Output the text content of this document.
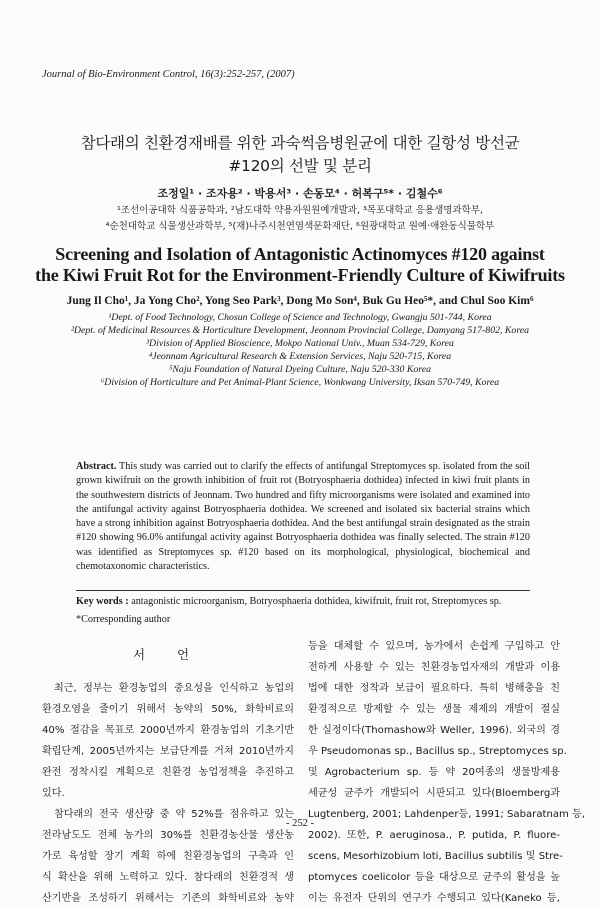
Journal of Bio-Environment Control, 16(3):252-257, (2007)
참다래의 친환경재배를 위한 과숙썩음병원균에 대한 길항성 방선균
#120의 선발 및 분리
조정일¹ · 조자용² · 박용서³ · 손동모⁴ · 허복구⁵* · 김철수⁶
¹조선이공대학 식품공학과, ²남도대학 약용자원원예개발과, ³목포대학교 응용생명과학부,
⁴순천대학교 식물생산과학부, ⁵(재)나주시천연염색문화재단, ⁶원광대학교 원예·애완동식물학부
Screening and Isolation of Antagonistic Actinomyces #120 against
the Kiwi Fruit Rot for the Environment-Friendly Culture of Kiwifruits
Jung Il Cho¹, Ja Yong Cho², Yong Seo Park³, Dong Mo Son⁴, Buk Gu Heo⁵*, and Chul Soo Kim⁶
¹Dept. of Food Technology, Chosun College of Science and Technology, Gwangju 501-744, Korea
²Dept. of Medicinal Resources & Horticulture Development, Jeonnam Provincial College, Damyang 517-802, Korea
³Division of Applied Bioscience, Mokpo National Univ., Muan 534-729, Korea
⁴Jeonnam Agricultural Research & Extension Services, Naju 520-715, Korea
⁵Naju Foundation of Natural Dyeing Culture, Naju 520-330 Korea
⁶Division of Horticulture and Pet Animal-Plant Science, Wonkwang University, Iksan 570-749, Korea
Abstract. This study was carried out to clarify the effects of antifungal Streptomyces sp. isolated from the soil grown kiwifruit on the growth inhibition of fruit rot (Botryosphaeria dothidea) infected in kiwi fruit plants in the southwestern districts of Jeonnam. Two hundred and fifty microorganisms were isolated and examined into the antifungal activity against Botryosphaeria dothidea. We screened and isolated six bacterial strains which have a strong inhibition against Botryosphaeria dothidea. And the best antifungal strain designated as the strain #120 showing 96.0% antifungal activity against Botryosphaeria dothidea was finally selected. The strain #120 was identified as Streptomyces sp. #120 based on its morphological, physiological, biochemical and chemotaxonomic characteristics.
Key words : antagonistic microorganism, Botryosphaeria dothidea, kiwifruit, fruit rot, Streptomyces sp.
*Corresponding author
서 언
최근, 정부는 환경농업의 중요성을 인식하고 농업의
환경오염을 줄이기 위해서 농약의 50%, 화학비료의
40% 절감을 목표로 2000년까지 환경농업의 기초기반
확립단계, 2005년까지는 보급단계를 거쳐 2010년까지
완전 정착시킬 계획으로 친환경 농업정책을 추진하고
있다.
참다래의 전국 생산량 중 약 52%를 점유하고 있는
전라남도도 전체 농가의 30%를 친환경농산물 생산농
가로 육성할 장기 계획 하에 친환경농업의 구축과 인
식 확산을 위해 노력하고 있다. 참다래의 친환경적 생
산기반을 조성하기 위해서는 기존의 화학비료와 농약
등을 대체할 수 있으며, 농가에서 손쉽게 구입하고 안
전하게 사용할 수 있는 친환경농업자재의 개발과 이용
법에 대한 정착과 보급이 필요하다. 특히 병해충을 친
환경적으로 방제할 수 있는 생물 제제의 개발이 절실
한 실정이다(Thomashow와 Weller, 1996). 외국의 경
우 Pseudomonas sp., Bacillus sp., Streptomyces sp.
및 Agrobacterium sp. 등 약 20여종의 생물방제용
세균성 균주가 개발되어 시판되고 있다(Bloemberg과
Lugtenberg, 2001; Lahdenper등, 1991; Sabaratnam 등,
2002). 또한, P. aeruginosa., P. putida, P. fluore-
scens, Mesorhizobium loti, Bacillus subtilis 및 Stre-
ptomyces coelicolor 등을 대상으로 균주의 활성을 높
이는 유전자 단위의 연구가 수행되고 있다(Kaneko 등,
- 252 -
